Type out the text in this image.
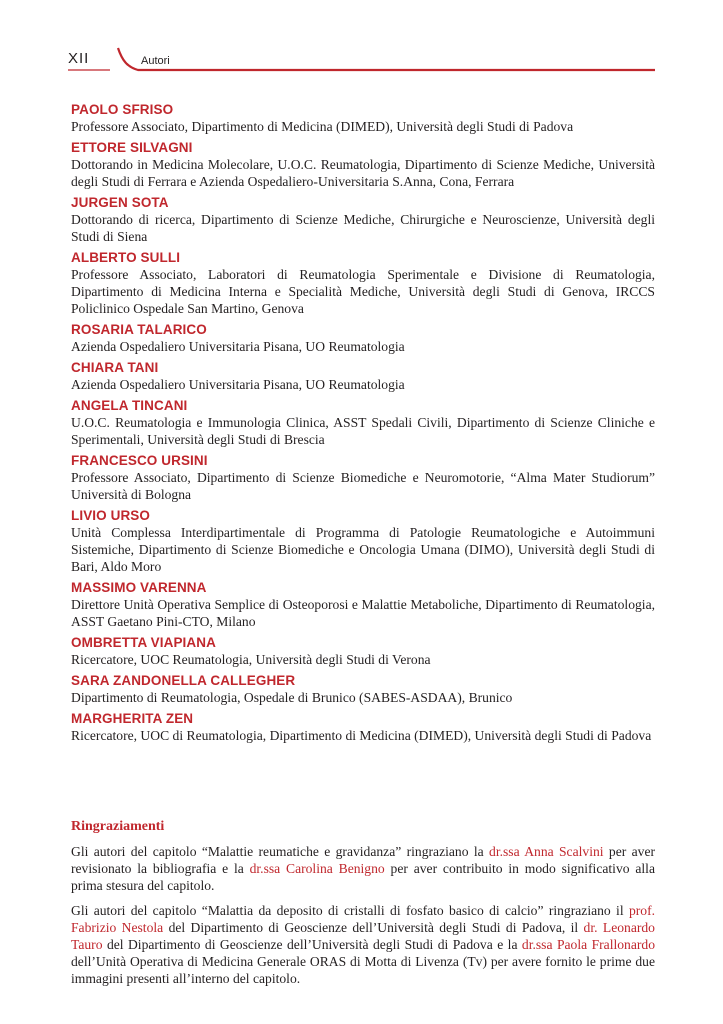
XII	Autori
PAOLO SFRISO
Professore Associato, Dipartimento di Medicina (DIMED), Università degli Studi di Padova
ETTORE SILVAGNI
Dottorando in Medicina Molecolare, U.O.C. Reumatologia, Dipartimento di Scienze Mediche, Università degli Studi di Ferrara e Azienda Ospedaliero-Universitaria S.Anna, Cona, Ferrara
JURGEN SOTA
Dottorando di ricerca, Dipartimento di Scienze Mediche, Chirurgiche e Neuroscienze, Università degli Studi di Siena
ALBERTO SULLI
Professore Associato, Laboratori di Reumatologia Sperimentale e Divisione di Reumatologia, Dipartimento di Medicina Interna e Specialità Mediche, Università degli Studi di Genova, IRCCS Policlinico Ospedale San Martino, Genova
ROSARIA TALARICO
Azienda Ospedaliero Universitaria Pisana, UO Reumatologia
CHIARA TANI
Azienda Ospedaliero Universitaria Pisana, UO Reumatologia
ANGELA TINCANI
U.O.C. Reumatologia e Immunologia Clinica, ASST Spedali Civili, Dipartimento di Scienze Cliniche e Sperimentali, Università degli Studi di Brescia
FRANCESCO URSINI
Professore Associato, Dipartimento di Scienze Biomediche e Neuromotorie, “Alma Mater Studiorum” Università di Bologna
LIVIO URSO
Unità Complessa Interdipartimentale di Programma di Patologie Reumatologiche e Autoimmuni Sistemiche, Dipartimento di Scienze Biomediche e Oncologia Umana (DIMO), Università degli Studi di Bari, Aldo Moro
MASSIMO VARENNA
Direttore Unità Operativa Semplice di Osteoporosi e Malattie Metaboliche, Dipartimento di Reumatologia, ASST Gaetano Pini-CTO, Milano
OMBRETTA VIAPIANA
Ricercatore, UOC Reumatologia, Università degli Studi di Verona
SARA ZANDONELLA CALLEGHER
Dipartimento di Reumatologia, Ospedale di Brunico (SABES-ASDAA), Brunico
MARGHERITA ZEN
Ricercatore, UOC di Reumatologia, Dipartimento di Medicina (DIMED), Università degli Studi di Padova
Ringraziamenti

Gli autori del capitolo “Malattie reumatiche e gravidanza” ringraziano la dr.ssa Anna Scalvini per aver revisionato la bibliografia e la dr.ssa Carolina Benigno per aver contribuito in modo significativo alla prima stesura del capitolo.

Gli autori del capitolo “Malattia da deposito di cristalli di fosfato basico di calcio” ringraziano il prof. Fabrizio Nestola del Dipartimento di Geoscienze dell’Università degli Studi di Padova, il dr. Leonardo Tauro del Dipartimento di Geoscienze dell’Università degli Studi di Padova e la dr.ssa Paola Frallonardo dell’Unità Operativa di Medicina Generale ORAS di Motta di Livenza (Tv) per avere fornito le prime due immagini presenti all’interno del capitolo.
